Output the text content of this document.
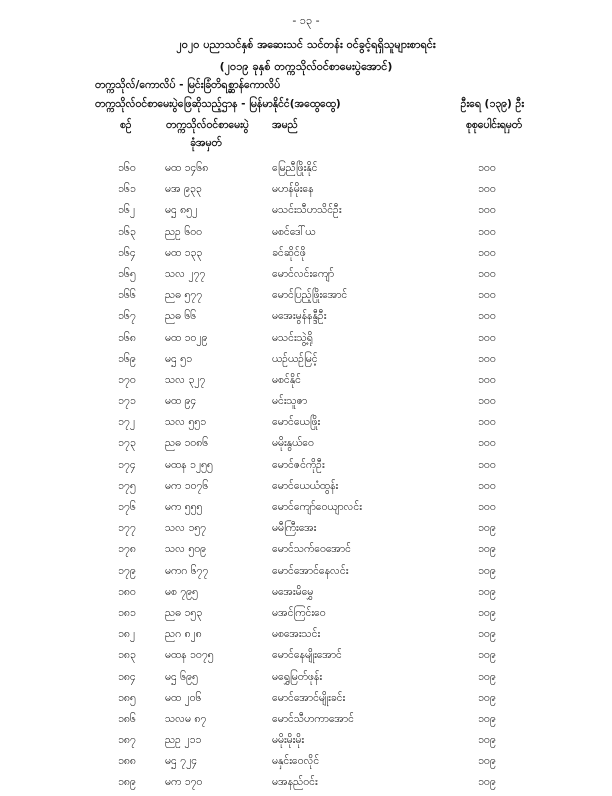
- ၁၃ -
၂၀၂၀ ပညာသင်နှစ် အဆေးသင် သင်တန်း ဝင်ခွင့်ရရှိသူများစာရင်း
(၂၀၁၉ ခုနှစ် တက္ကသိုလ်ဝင်စာမေးပွဲအောင်)
တက္ကသိုလ်/ကောလိပ် - မြင်းခြံတိရစ္ဆာန်ကောလိပ်
တက္ကသိုလ်ဝင်စာမေးပွဲဖြေဆိုသည့်ဌာန - မြန်မာနိုင်ငံ(အထွေထွေ)	ဦးရေ (၁၃၉) ဦး
စဉ်	တက္ကသိုလ်ဝင်စာမေးပွဲ
ခုံအမှတ်
အမည်	စုစုပေါင်းရမှတ်
၁၆၀	မထ ၁၄၆၈	မြေညီဖြိုးနိုင်	၁၀၀
၁၆၁	မအ ၉၃၃	မဟန်မိုးနေ	၁၀၀
၁၆၂	မဌ ၈၅၂	မသင်းသီဟသိင်ဦး	၁၀၀
၁၆၃	ညဥ ၆၀၀	မစင်ဒေါ်ယ	၁၀၀
၁၆၄	မထ ၁၃၃	ခင်ဆိုင်ဖို	၁၀၀
၁၆၅	သလ ၂၇၇	မောင်လင်းကျော်	၁၀၀
၁၆၆	ညဓ ၅၇၇	မောင်ပြည့်ဖြိုးအောင်	၁၀၀
၁၆၇	ညဓ ၆၆	မအေးမွန်နန္ဒီဦး	၁၀၀
၁၆၈	မထ ၁၀၂၉	မသင်းသွဲ့ရို	၁၀၀
၁၆၉	မဌ ၅၁	ယဉ်ယဉ်မြင့်	၁၀၀
၁၇၀	သလ ၃၂၇	မစင်နိုင်	၁၀၀
၁၇၁	မထ ၉၄	မင်းသူဇာ	၁၀၀
၁၇၂	သလ ၅၅၁	မောင်ယေဖြိုး	၁၀၀
၁၇၃	ညဓ ၁၀၈၆	မမိုးနွယ်ဝေ	၁၀၀
၁၇၄	မထန ၁၂၅၅	မောင်ဇင်ကိုဦး	၁၀၀
၁၇၅	မက ၁၀၇၆	မောင်ယေယံထွန်း	၁၀၀
၁၇၆	မက ၅၅၅	မောင်ကျော်ဝေယျာလင်း	၁၀၀
၁၇၇	သလ ၁၅၇	မမီကြီးအေး	၁၀၉
၁၇၈	သလ ၅၀၉	မောင်သက်ဝေအောင်	၁၀၉
၁၇၉	မကဂ ၆၇၇	မောင်အောင်နေလင်း	၁၀၉
၁၈၀	မစ ၇၉၅	မအေးမိမွှေ	၁၀၉
၁၈၁	ညဓ ၁၅၃	မအင်ကြင်းဝေ	၁၀၉
၁၈၂	ညဂ ၈၂၈	မစအေးသင်း	၁၀၉
၁၈၃	မထန ၁၀၇၅	မောင်နေမျိုးအောင်	၁၀၉
၁၈၄	မဌ ၆၉၅	မရွှေမြတ်ဖုန်း	၁၀၉
၁၈၅	မထ ၂၀၆	မောင်အောင်မျိုးခင်း	၁၀၉
၁၈၆	သလမ ၈၇	မောင်သီဟကာအောင်	၁၀၉
၁၈၇	ညဥ ၂၁၁	မမိုးမိုးမိုး	၁၀၉
၁၈၈	မဌ ၇၂၄	မနှင်းဝေလိုင်	၁၀၉
၁၈၉	မက ၁၇၀	မအနည်ဝင်း	၁၀၉
